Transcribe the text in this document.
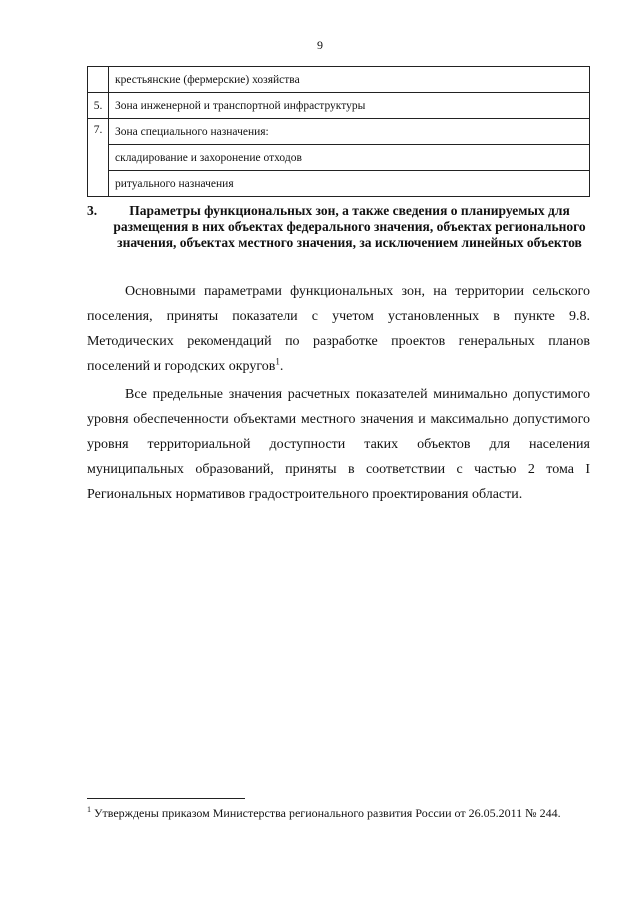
9
	крестьянские (фермерские) хозяйства
5.	Зона инженерной и транспортной инфраструктуры
7.	Зона специального назначения:
	складирование и захоронение отходов
	ритуального назначения
3.	Параметры функциональных зон, а также сведения о планируемых для размещения в них объектах федерального значения, объектах регионального значения, объектах местного значения, за исключением линейных объектов
Основными параметрами функциональных зон, на территории сельского поселения, приняты показатели с учетом установленных в пункте 9.8. Методических рекомендаций по разработке проектов генеральных планов поселений и городских округов$^1$.
Все предельные значения расчетных показателей минимально допустимого уровня обеспеченности объектами местного значения и максимально допустимого уровня территориальной доступности таких объектов для населения муниципальных образований, приняты в соответствии с частью 2 тома I Региональных нормативов градостроительного проектирования области.
$^1$ Утверждены приказом Министерства регионального развития России от 26.05.2011 № 244.
